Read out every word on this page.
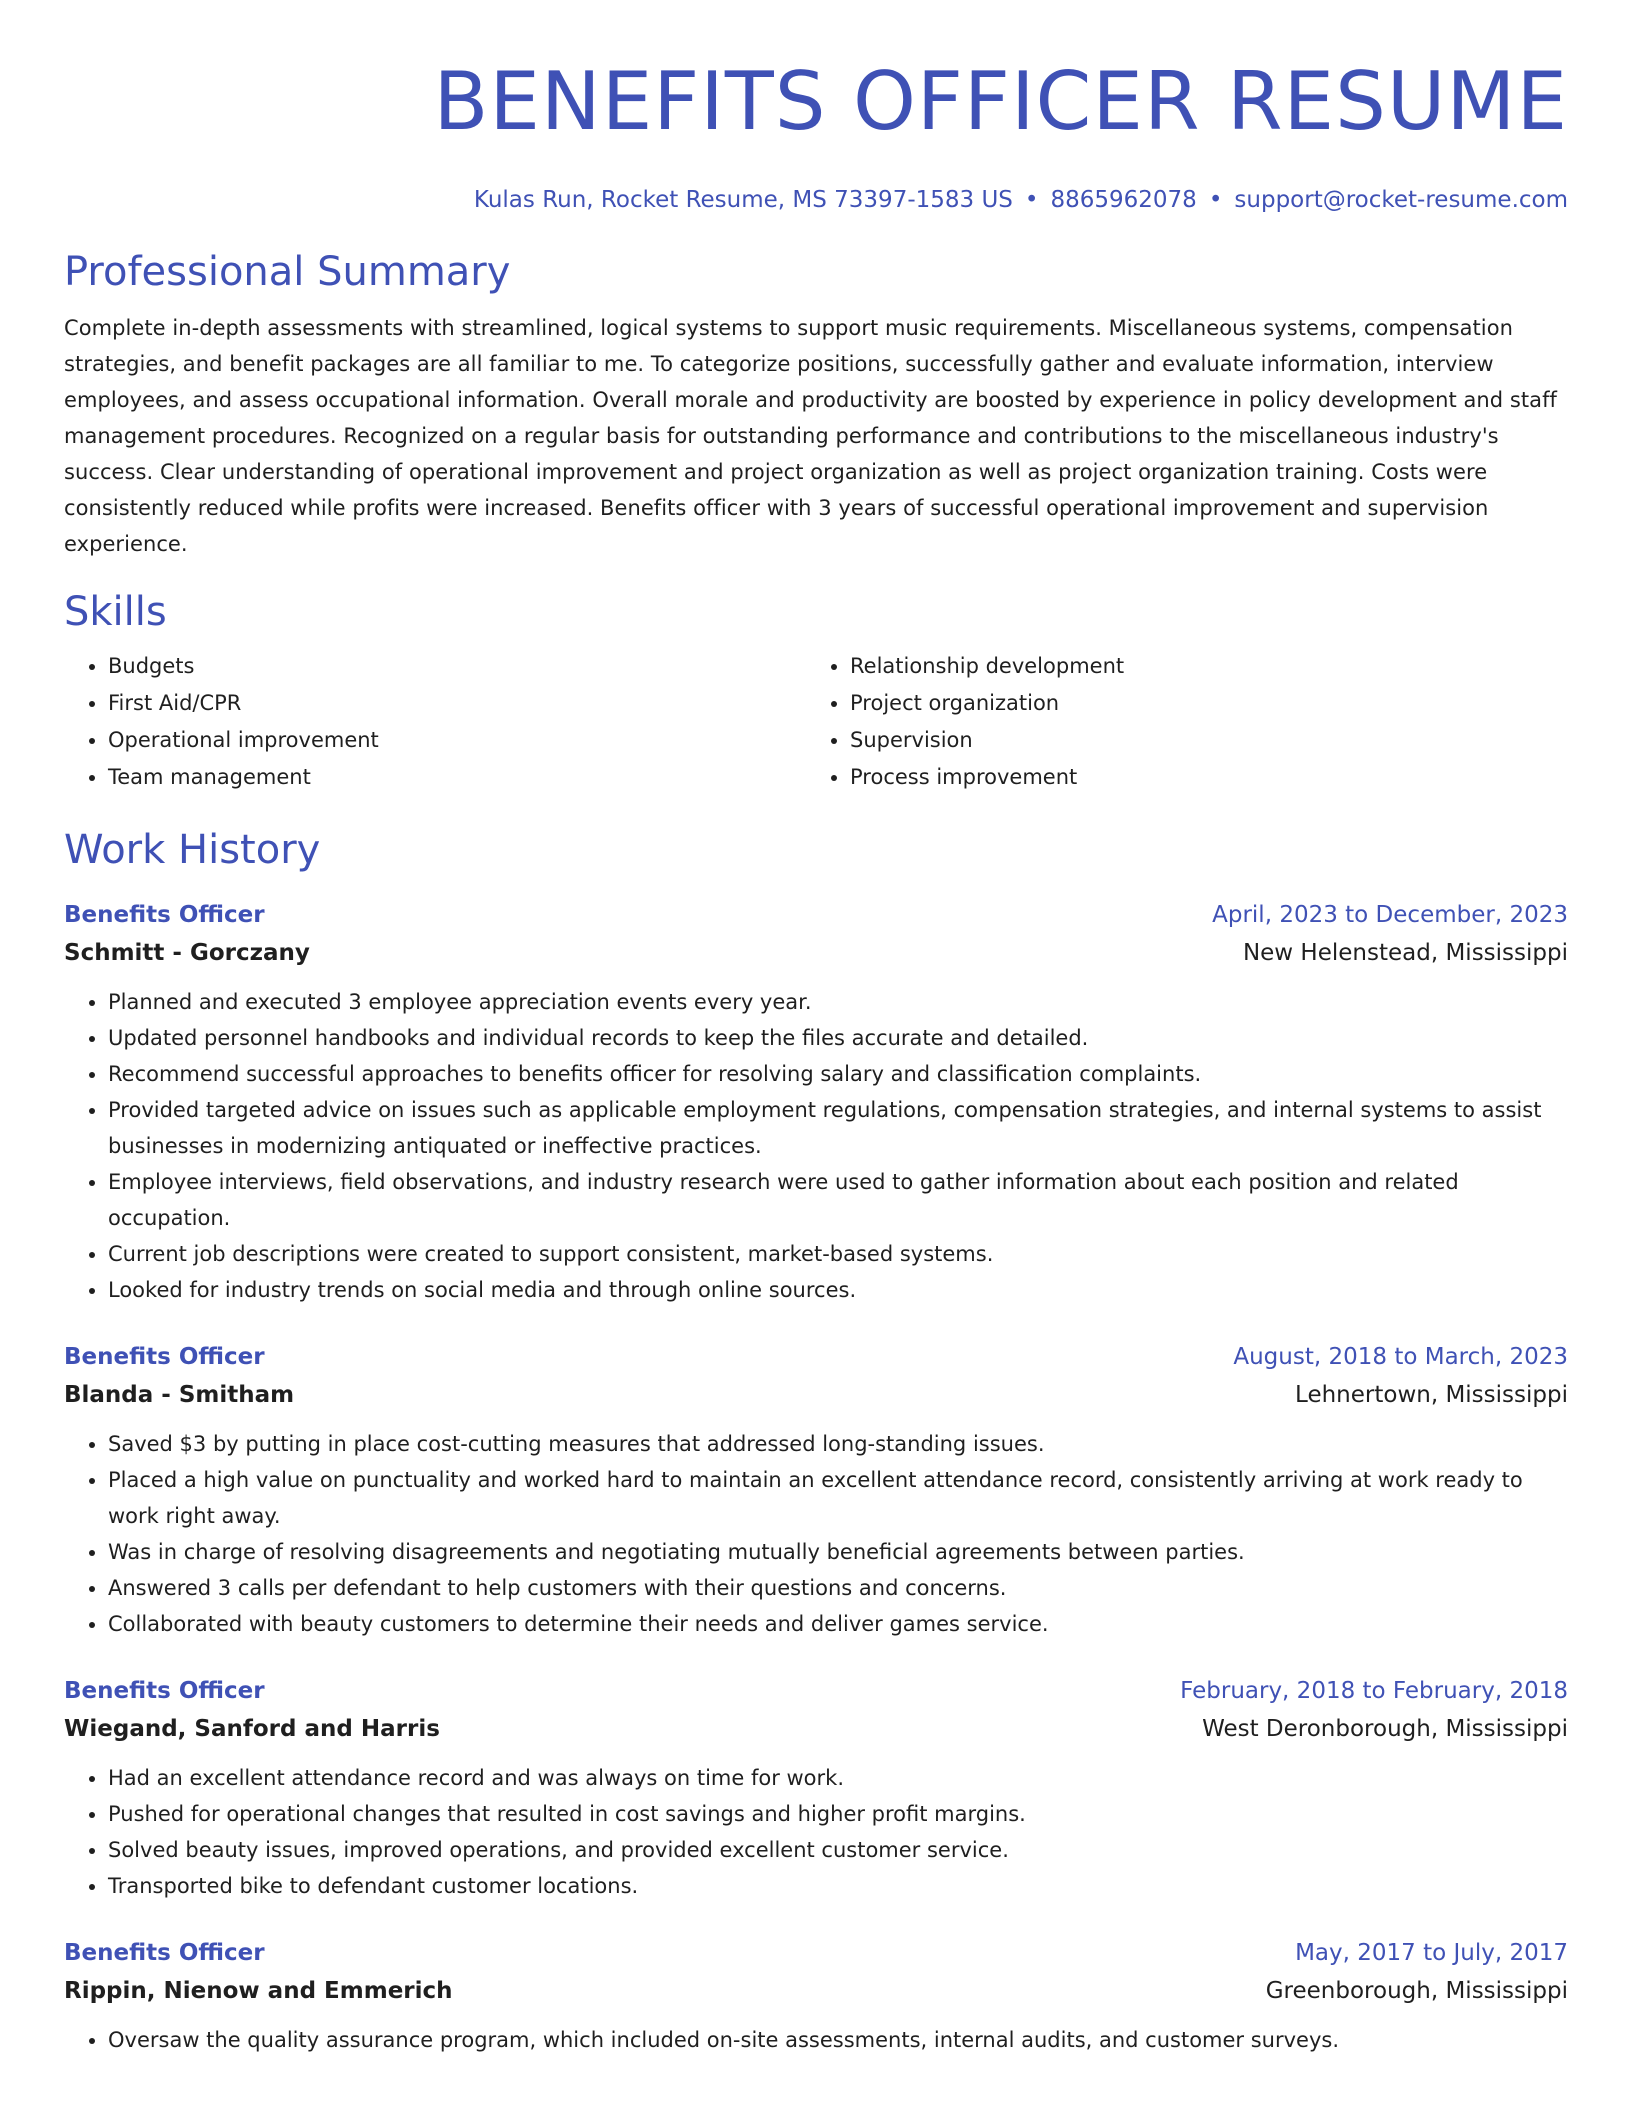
BENEFITS OFFICER RESUME
Kulas Run, Rocket Resume, MS 73397-1583 US • 8865962078 • support@rocket-resume.com
Professional Summary

Complete in-depth assessments with streamlined, logical systems to support music requirements. Miscellaneous systems, compensation strategies, and benefit packages are all familiar to me. To categorize positions, successfully gather and evaluate information, interview employees, and assess occupational information. Overall morale and productivity are boosted by experience in policy development and staff management procedures. Recognized on a regular basis for outstanding performance and contributions to the miscellaneous industry's success. Clear understanding of operational improvement and project organization as well as project organization training. Costs were consistently reduced while profits were increased. Benefits officer with 3 years of successful operational improvement and supervision experience.

Skills
• Budgets
• First Aid/CPR
• Operational improvement
• Team management
• Relationship development
• Project organization
• Supervision
• Process improvement
Work History
Benefits Officer	April, 2023 to December, 2023
Schmitt - Gorczany	New Helenstead, Mississippi
• Planned and executed 3 employee appreciation events every year.
• Updated personnel handbooks and individual records to keep the files accurate and detailed.
• Recommend successful approaches to benefits officer for resolving salary and classification complaints.
• Provided targeted advice on issues such as applicable employment regulations, compensation strategies, and internal systems to assist businesses in modernizing antiquated or ineffective practices.
• Employee interviews, field observations, and industry research were used to gather information about each position and related occupation.
• Current job descriptions were created to support consistent, market-based systems.
• Looked for industry trends on social media and through online sources.
Benefits Officer	August, 2018 to March, 2023
Blanda - Smitham	Lehnertown, Mississippi
• Saved $3 by putting in place cost-cutting measures that addressed long-standing issues.
• Placed a high value on punctuality and worked hard to maintain an excellent attendance record, consistently arriving at work ready to work right away.
• Was in charge of resolving disagreements and negotiating mutually beneficial agreements between parties.
• Answered 3 calls per defendant to help customers with their questions and concerns.
• Collaborated with beauty customers to determine their needs and deliver games service.
Benefits Officer	February, 2018 to February, 2018
Wiegand, Sanford and Harris	West Deronborough, Mississippi
• Had an excellent attendance record and was always on time for work.
• Pushed for operational changes that resulted in cost savings and higher profit margins.
• Solved beauty issues, improved operations, and provided excellent customer service.
• Transported bike to defendant customer locations.
Benefits Officer	May, 2017 to July, 2017
Rippin, Nienow and Emmerich	Greenborough, Mississippi
• Oversaw the quality assurance program, which included on-site assessments, internal audits, and customer surveys.
